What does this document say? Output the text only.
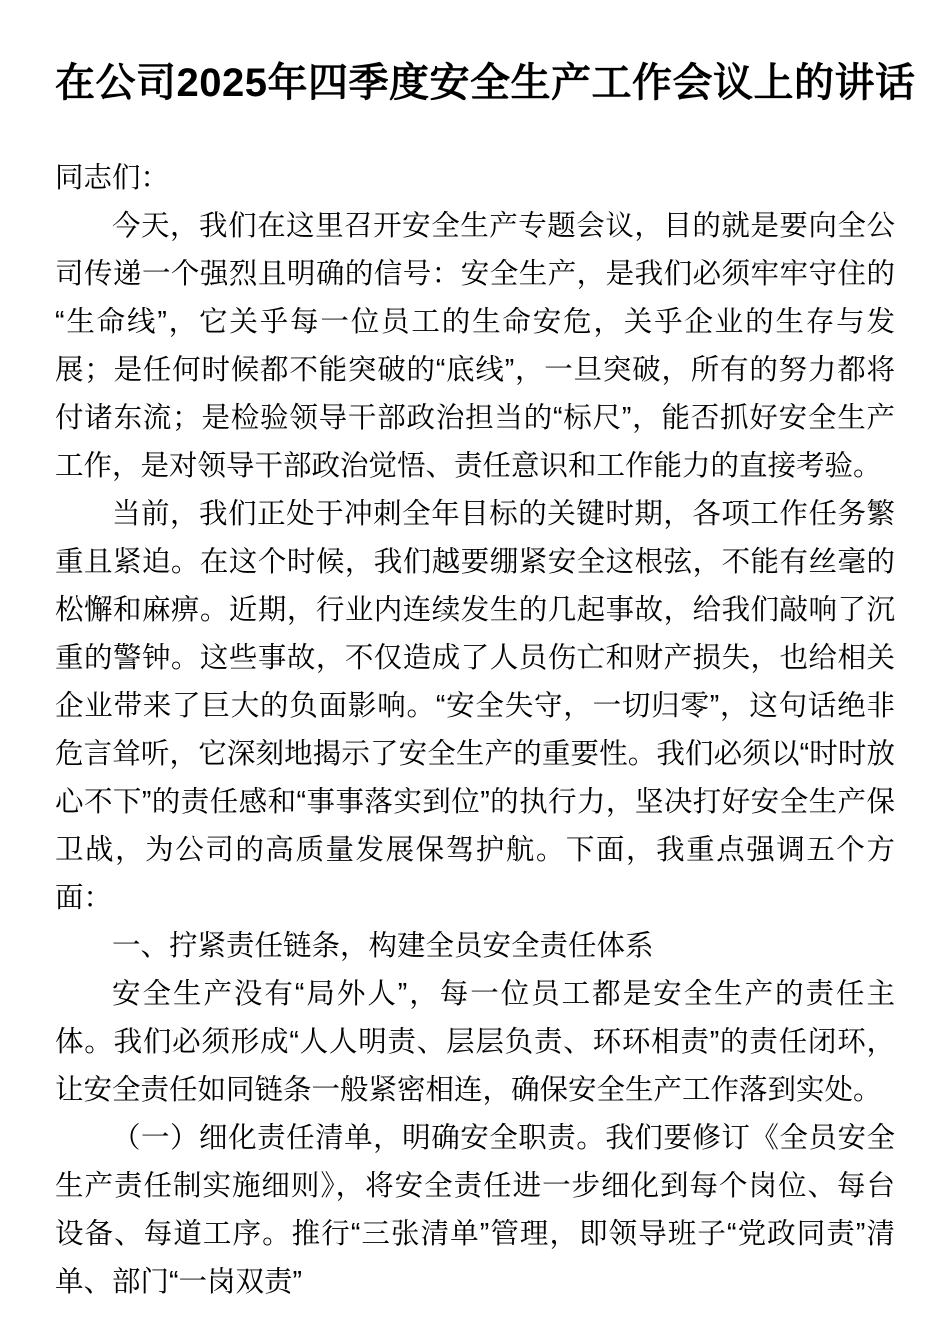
在公司2025年四季度安全生产工作会议上的讲话

同志们：

今天，我们在这里召开安全生产专题会议，目的就是要向全公司传递一个强烈且明确的信号：安全生产，是我们必须牢牢守住的“生命线”，它关乎每一位员工的生命安危，关乎企业的生存与发展；是任何时候都不能突破的“底线”，一旦突破，所有的努力都将付诸东流；是检验领导干部政治担当的“标尺”，能否抓好安全生产工作，是对领导干部政治觉悟、责任意识和工作能力的直接考验。

当前，我们正处于冲刺全年目标的关键时期，各项工作任务繁重且紧迫。在这个时候，我们越要绷紧安全这根弦，不能有丝毫的松懈和麻痹。近期，行业内连续发生的几起事故，给我们敲响了沉重的警钟。这些事故，不仅造成了人员伤亡和财产损失，也给相关企业带来了巨大的负面影响。“安全失守，一切归零”，这句话绝非危言耸听，它深刻地揭示了安全生产的重要性。我们必须以“时时放心不下”的责任感和“事事落实到位”的执行力，坚决打好安全生产保卫战，为公司的高质量发展保驾护航。下面，我重点强调五个方面：

一、拧紧责任链条，构建全员安全责任体系

安全生产没有“局外人”，每一位员工都是安全生产的责任主体。我们必须形成“人人明责、层层负责、环环相责”的责任闭环，让安全责任如同链条一般紧密相连，确保安全生产工作落到实处。

（一）细化责任清单，明确安全职责。我们要修订《全员安全生产责任制实施细则》，将安全责任进一步细化到每个岗位、每台设备、每道工序。推行“三张清单”管理，即领导班子“党政同责”清单、部门“一岗双责”
